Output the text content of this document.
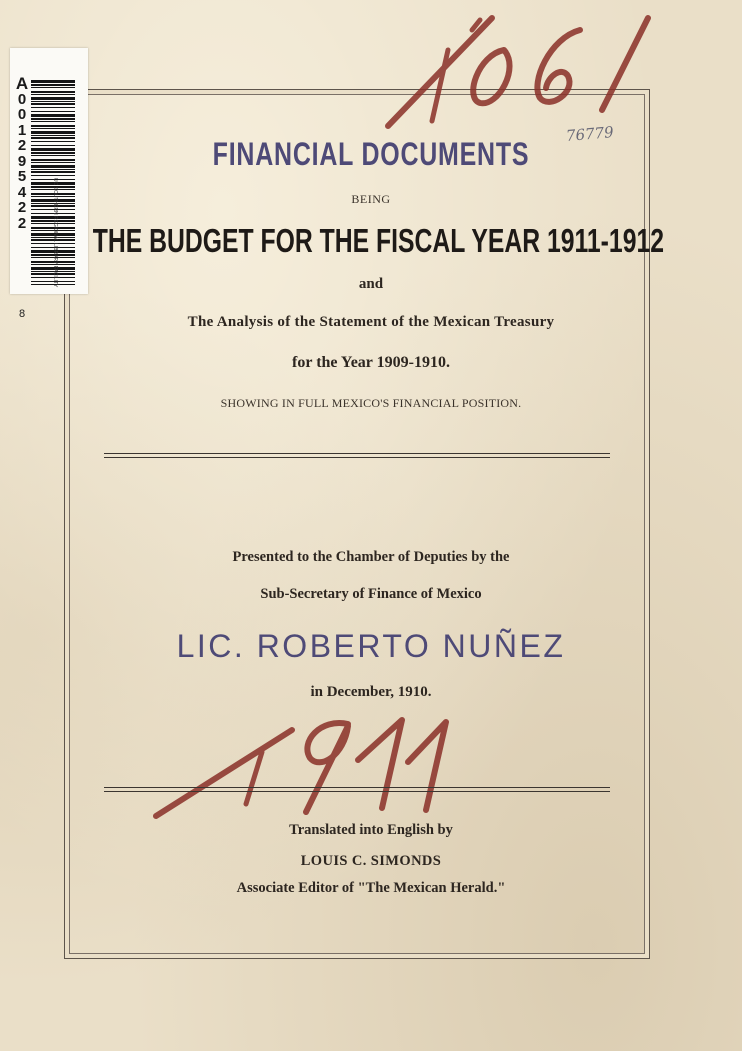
A
0
0
1
2
9
5
4
2
2	UC SOUTHERN REGIONAL LIBRARY FACILITY
8
76779
FINANCIAL DOCUMENTS
BEING
THE BUDGET FOR THE FISCAL YEAR 1911-1912
and
The Analysis of the Statement of the Mexican Treasury
for the Year 1909-1910.
SHOWING IN FULL MEXICO'S FINANCIAL POSITION.
Presented to the Chamber of Deputies by the
Sub-Secretary of Finance of Mexico
LIC. ROBERTO NUÑEZ
in December, 1910.
Translated into English by
LOUIS C. SIMONDS
Associate Editor of "The Mexican Herald."
